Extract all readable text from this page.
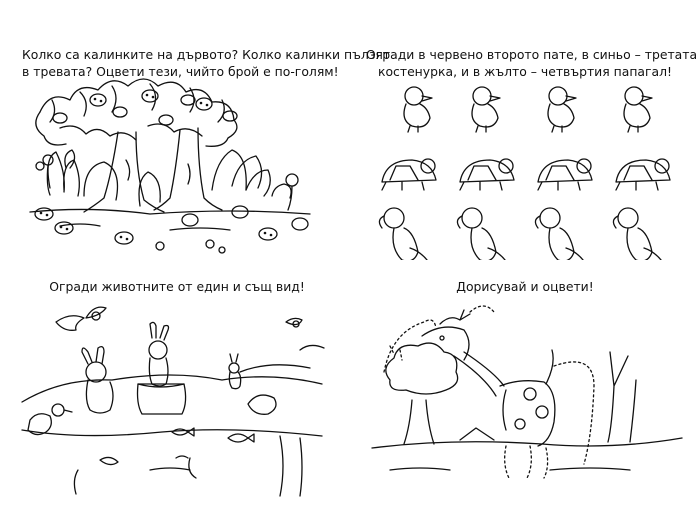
Колко са калинките на дървото? Колко калинки пълзят
в тревата? Оцвети тези, чийто брой е по-голям!
Огради животните от един и същ вид!
Огради в червено второто пате, в синьо – третата
костенурка, и в жълто – четвъртия папагал!
Дорисувай и оцвети!
